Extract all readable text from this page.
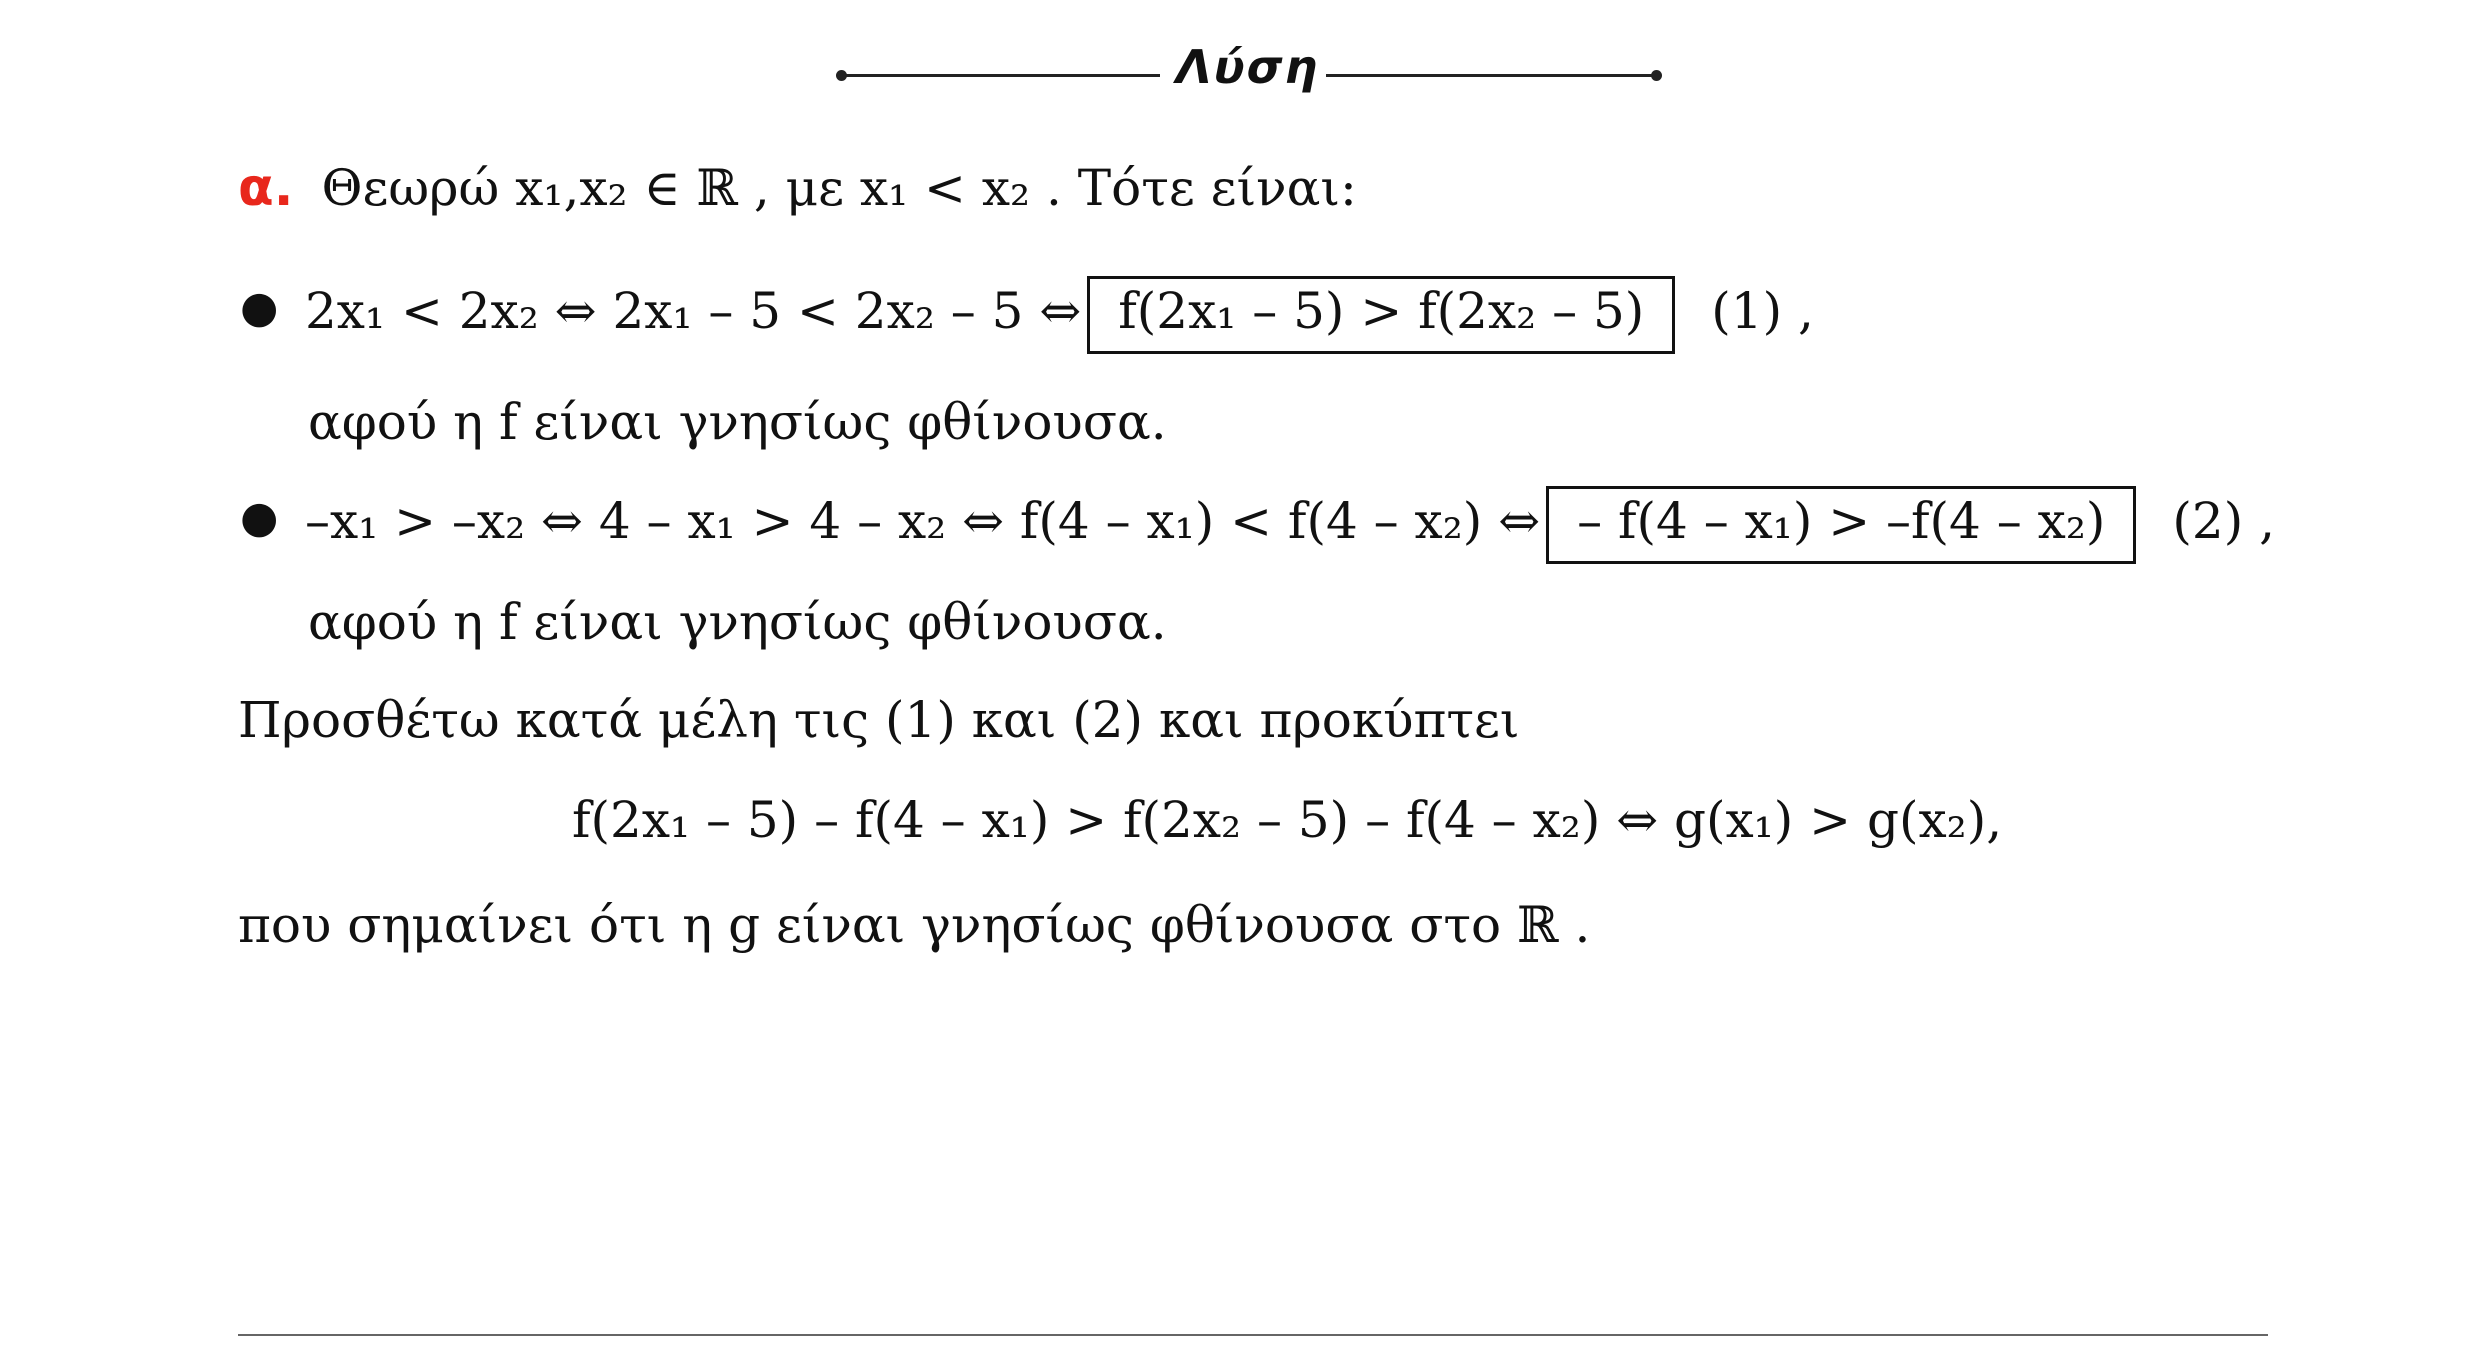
Λύση
α. Θεωρώ x₁,x₂ ∈ ℝ , με x₁ < x₂ . Τότε είναι:
● 2x₁ < 2x₂ ⇔ 2x₁ – 5 < 2x₂ – 5 ⇔ f(2x₁ – 5) > f(2x₂ – 5) (1) ,
αφού η f είναι γνησίως φθίνουσα.
● –x₁ > –x₂ ⇔ 4 – x₁ > 4 – x₂ ⇔ f(4 – x₁) < f(4 – x₂) ⇔ – f(4 – x₁) > –f(4 – x₂) (2) ,
αφού η f είναι γνησίως φθίνουσα.
Προσθέτω κατά μέλη τις (1) και (2) και προκύπτει
f(2x₁ – 5) – f(4 – x₁) > f(2x₂ – 5) – f(4 – x₂) ⇔ g(x₁) > g(x₂),
που σημαίνει ότι η g είναι γνησίως φθίνουσα στο ℝ .
